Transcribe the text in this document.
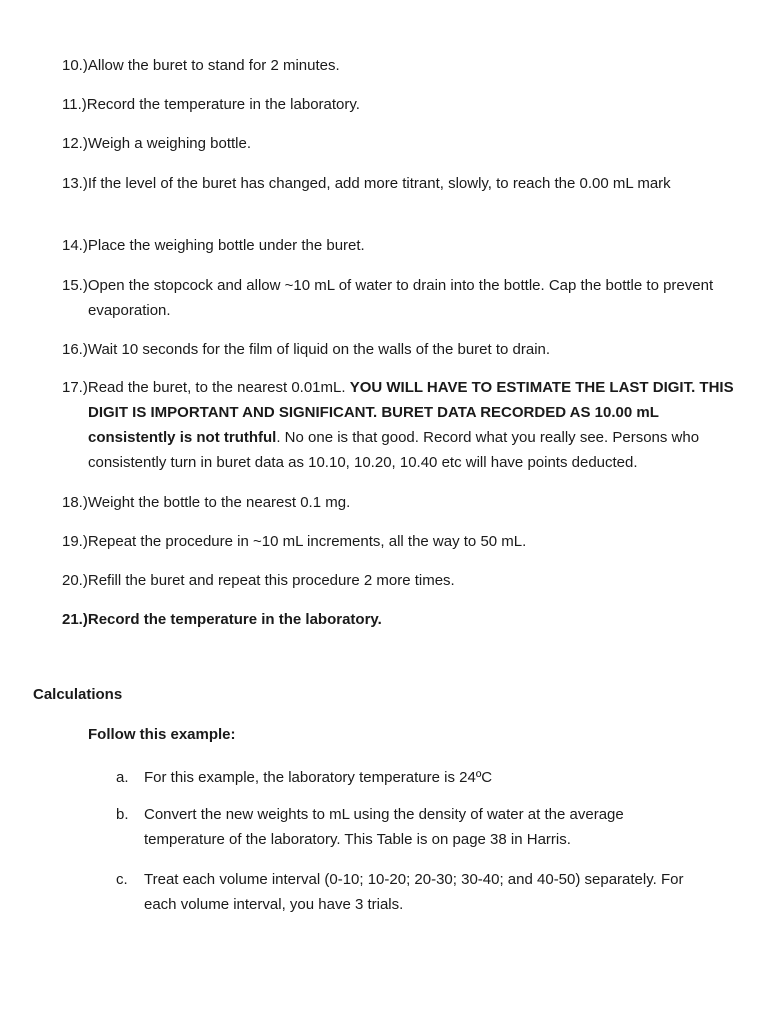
10.)Allow the buret to stand for 2 minutes.

11.)Record the temperature in the laboratory.

12.)Weigh a weighing bottle.

13.)If the level of the buret has changed, add more titrant, slowly, to reach the 0.00 mL mark

14.)Place the weighing bottle under the buret.

15.)Open the stopcock and allow ~10 mL of water to drain into the bottle. Cap the bottle to prevent evaporation.

16.)Wait 10 seconds for the film of liquid on the walls of the buret to drain.

17.)Read the buret, to the nearest 0.01mL. YOU WILL HAVE TO ESTIMATE THE LAST DIGIT. THIS DIGIT IS IMPORTANT AND SIGNIFICANT. BURET DATA RECORDED AS 10.00 mL consistently is not truthful. No one is that good. Record what you really see. Persons who consistently turn in buret data as 10.10, 10.20, 10.40 etc will have points deducted.

18.)Weight the bottle to the nearest 0.1 mg.

19.)Repeat the procedure in ~10 mL increments, all the way to 50 mL.

20.)Refill the buret and repeat this procedure 2 more times.

21.)Record the temperature in the laboratory.

Calculations
Follow this example:
a. For this example, the laboratory temperature is 24ºC
b. Convert the new weights to mL using the density of water at the average temperature of the laboratory. This Table is on page 38 in Harris.
c. Treat each volume interval (0-10; 10-20; 20-30; 30-40; and 40-50) separately. For each volume interval, you have 3 trials.
